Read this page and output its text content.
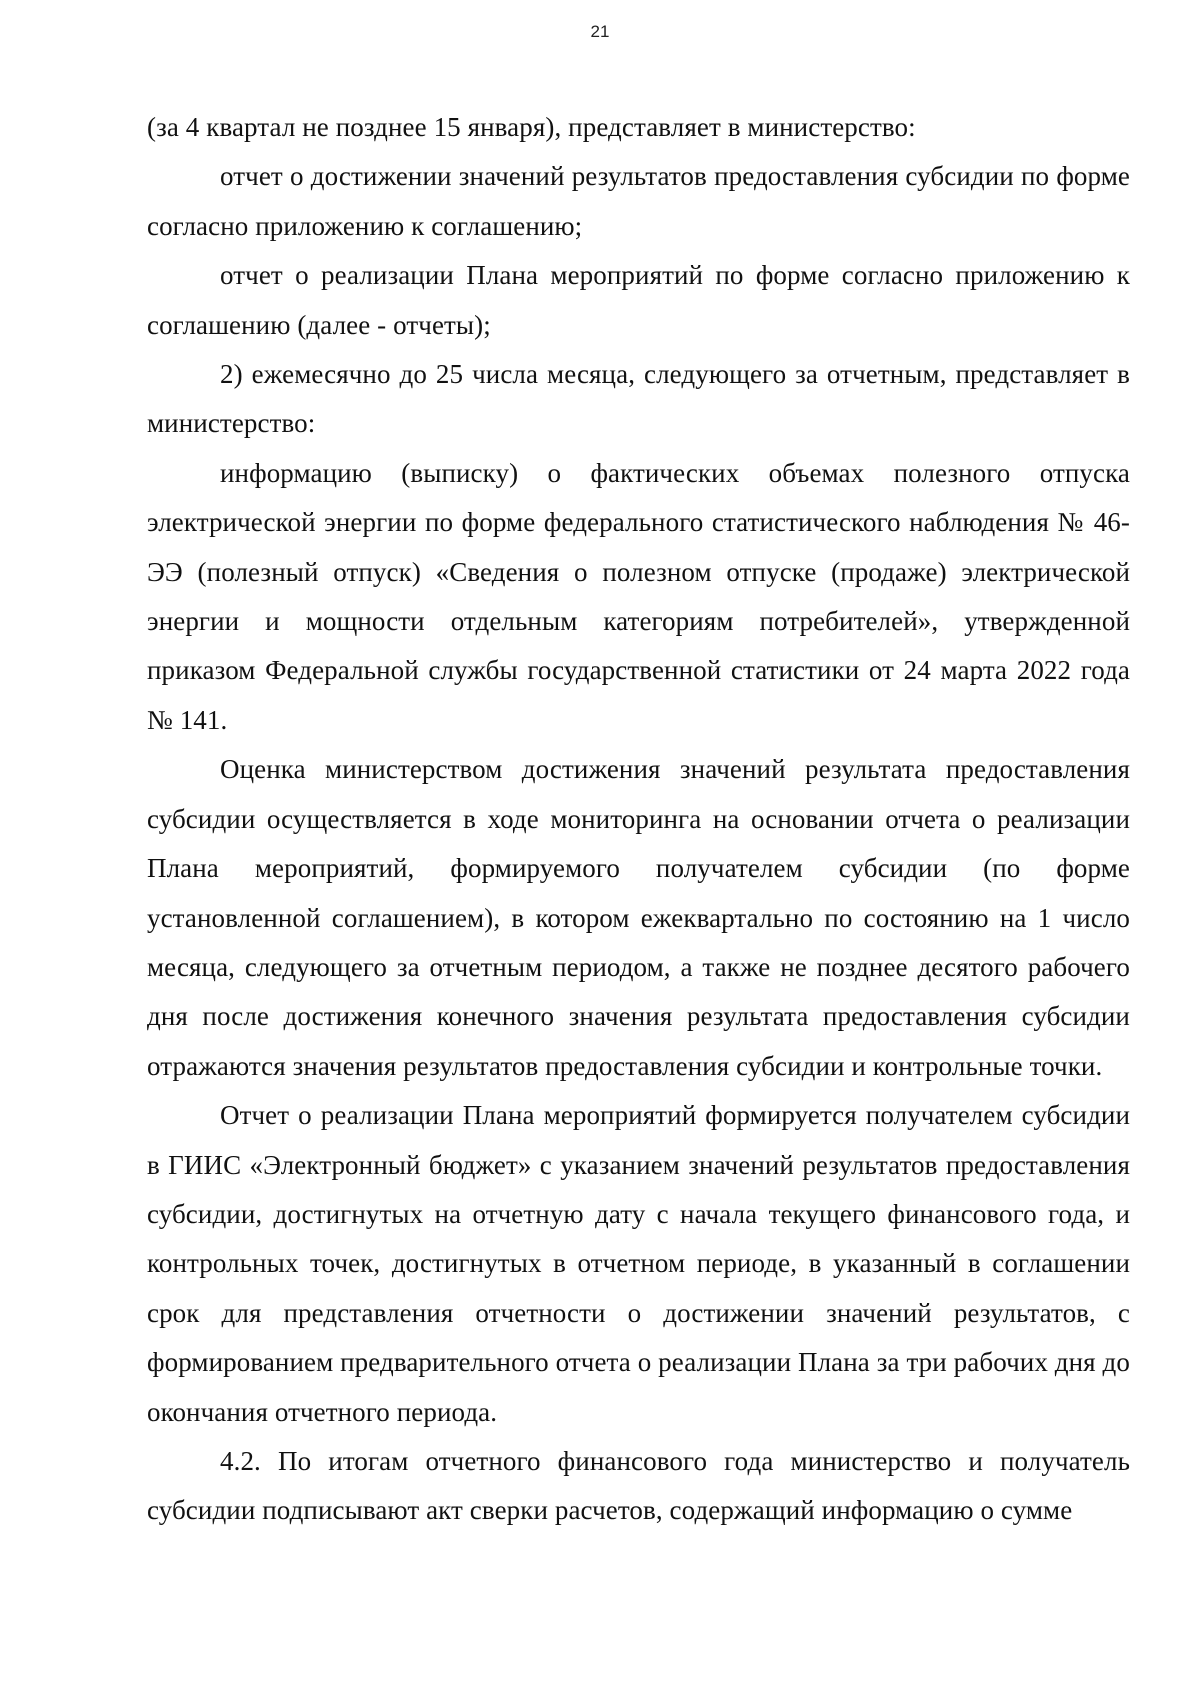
21

(за 4 квартал не позднее 15 января), представляет в министерство:

отчет о достижении значений результатов предоставления субсидии по форме согласно приложению к соглашению;

отчет о реализации Плана мероприятий по форме согласно приложению к соглашению (далее - отчеты);

2) ежемесячно до 25 числа месяца, следующего за отчетным, представляет в министерство:

информацию (выписку) о фактических объемах полезного отпуска электрической энергии по форме федерального статистического наблюдения № 46-ЭЭ (полезный отпуск) «Сведения о полезном отпуске (продаже) электрической энергии и мощности отдельным категориям потребителей», утвержденной приказом Федеральной службы государственной статистики от 24 марта 2022 года № 141.

Оценка министерством достижения значений результата предоставления субсидии осуществляется в ходе мониторинга на основании отчета о реализации Плана мероприятий, формируемого получателем субсидии (по форме установленной соглашением), в котором ежеквартально по состоянию на 1 число месяца, следующего за отчетным периодом, а также не позднее десятого рабочего дня после достижения конечного значения результата предоставления субсидии отражаются значения результатов предоставления субсидии и контрольные точки.

Отчет о реализации Плана мероприятий формируется получателем субсидии в ГИИС «Электронный бюджет» с указанием значений результатов предоставления субсидии, достигнутых на отчетную дату с начала текущего финансового года, и контрольных точек, достигнутых в отчетном периоде, в указанный в соглашении срок для представления отчетности о достижении значений результатов, с формированием предварительного отчета о реализации Плана за три рабочих дня до окончания отчетного периода.

4.2. По итогам отчетного финансового года министерство и получатель субсидии подписывают акт сверки расчетов, содержащий информацию о сумме
